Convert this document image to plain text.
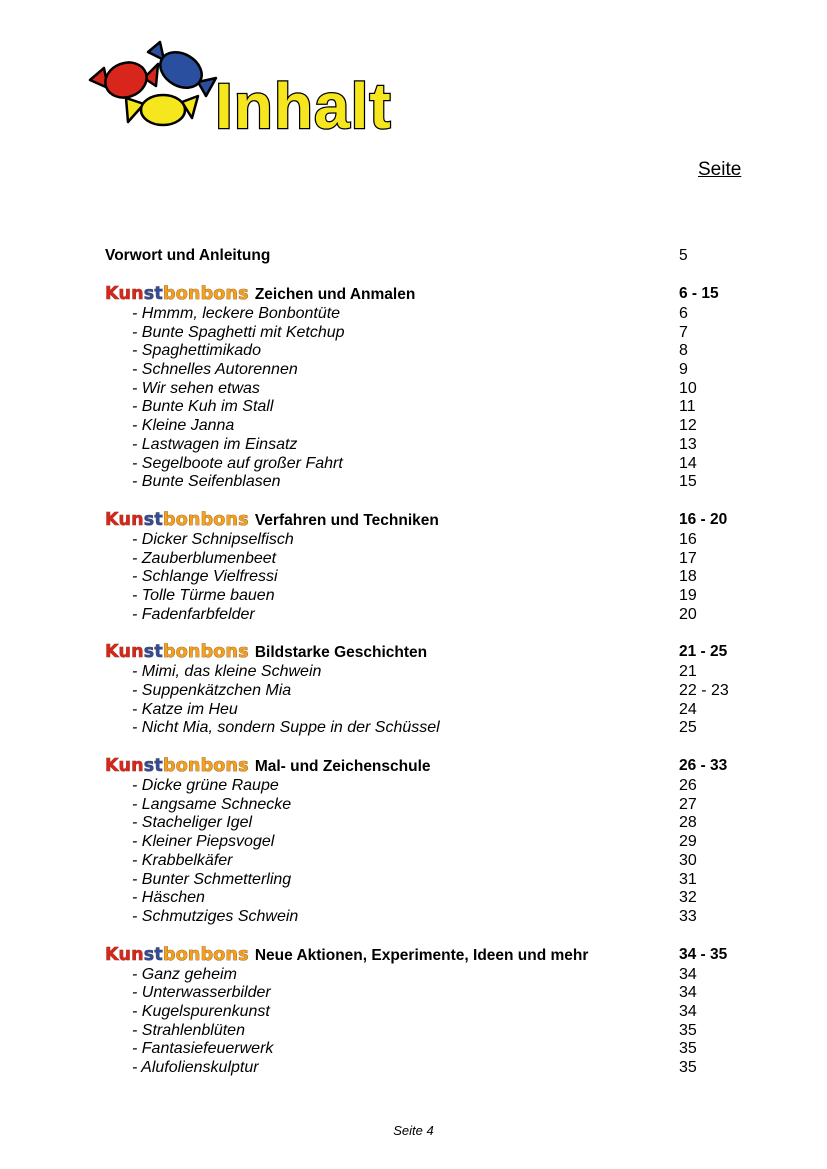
Inhalt
Seite
Vorwort und Anleitung	5
Kunstbonbons Zeichen und Anmalen	6 - 15
- Hmmm, leckere Bonbontüte	6
- Bunte Spaghetti mit Ketchup	7
- Spaghettimikado	8
- Schnelles Autorennen	9
- Wir sehen etwas	10
- Bunte Kuh im Stall	11
- Kleine Janna	12
- Lastwagen im Einsatz	13
- Segelboote auf großer Fahrt	14
- Bunte Seifenblasen	15
Kunstbonbons Verfahren und Techniken	16 - 20
- Dicker Schnipselfisch	16
- Zauberblumenbeet	17
- Schlange Vielfressi	18
- Tolle Türme bauen	19
- Fadenfarbfelder	20
Kunstbonbons Bildstarke Geschichten	21 - 25
- Mimi, das kleine Schwein	21
- Suppenkätzchen Mia	22 - 23
- Katze im Heu	24
- Nicht Mia, sondern Suppe in der Schüssel	25
Kunstbonbons Mal- und Zeichenschule	26 - 33
- Dicke grüne Raupe	26
- Langsame Schnecke	27
- Stacheliger Igel	28
- Kleiner Piepsvogel	29
- Krabbelkäfer	30
- Bunter Schmetterling	31
- Häschen	32
- Schmutziges Schwein	33
Kunstbonbons Neue Aktionen, Experimente, Ideen und mehr	34 - 35
- Ganz geheim	34
- Unterwasserbilder	34
- Kugelspurenkunst	34
- Strahlenblüten	35
- Fantasiefeuerwerk	35
- Alufolienskulptur	35
Seite 4
